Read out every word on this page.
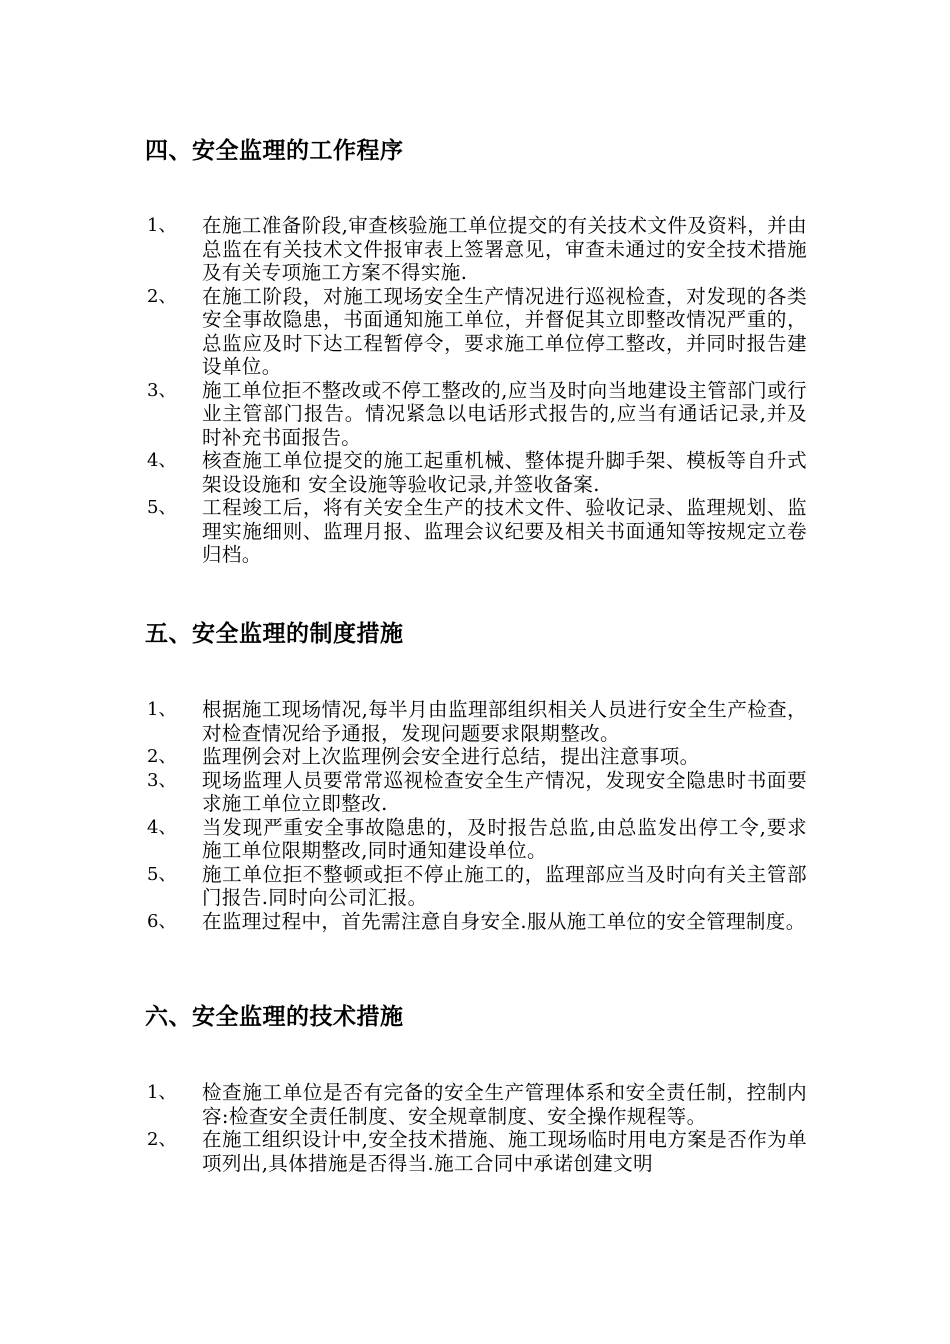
四、安全监理的工作程序
1、 在施工准备阶段,审查核验施工单位提交的有关技术文件及资料，并由总监在有关技术文件报审表上签署意见，审查未通过的安全技术措施及有关专项施工方案不得实施.
2、 在施工阶段，对施工现场安全生产情况进行巡视检查，对发现的各类安全事故隐患，书面通知施工单位，并督促其立即整改情况严重的，总监应及时下达工程暂停令，要求施工单位停工整改，并同时报告建设单位。
3、 施工单位拒不整改或不停工整改的,应当及时向当地建设主管部门或行业主管部门报告。情况紧急以电话形式报告的,应当有通话记录,并及时补充书面报告。
4、 核查施工单位提交的施工起重机械、整体提升脚手架、模板等自升式架设设施和 安全设施等验收记录,并签收备案.
5、 工程竣工后，将有关安全生产的技术文件、验收记录、监理规划、监理实施细则、监理月报、监理会议纪要及相关书面通知等按规定立卷归档。
五、安全监理的制度措施
1、 根据施工现场情况,每半月由监理部组织相关人员进行安全生产检查，对检查情况给予通报，发现问题要求限期整改。
2、 监理例会对上次监理例会安全进行总结，提出注意事项。
3、 现场监理人员要常常巡视检查安全生产情况，发现安全隐患时书面要求施工单位立即整改.
4、 当发现严重安全事故隐患的，及时报告总监,由总监发出停工令,要求施工单位限期整改,同时通知建设单位。
5、 施工单位拒不整顿或拒不停止施工的，监理部应当及时向有关主管部门报告.同时向公司汇报。
6、 在监理过程中，首先需注意自身安全.服从施工单位的安全管理制度。
六、安全监理的技术措施
1、 检查施工单位是否有完备的安全生产管理体系和安全责任制，控制内容:检查安全责任制度、安全规章制度、安全操作规程等。
2、 在施工组织设计中,安全技术措施、施工现场临时用电方案是否作为单项列出,具体措施是否得当.施工合同中承诺创建文明
